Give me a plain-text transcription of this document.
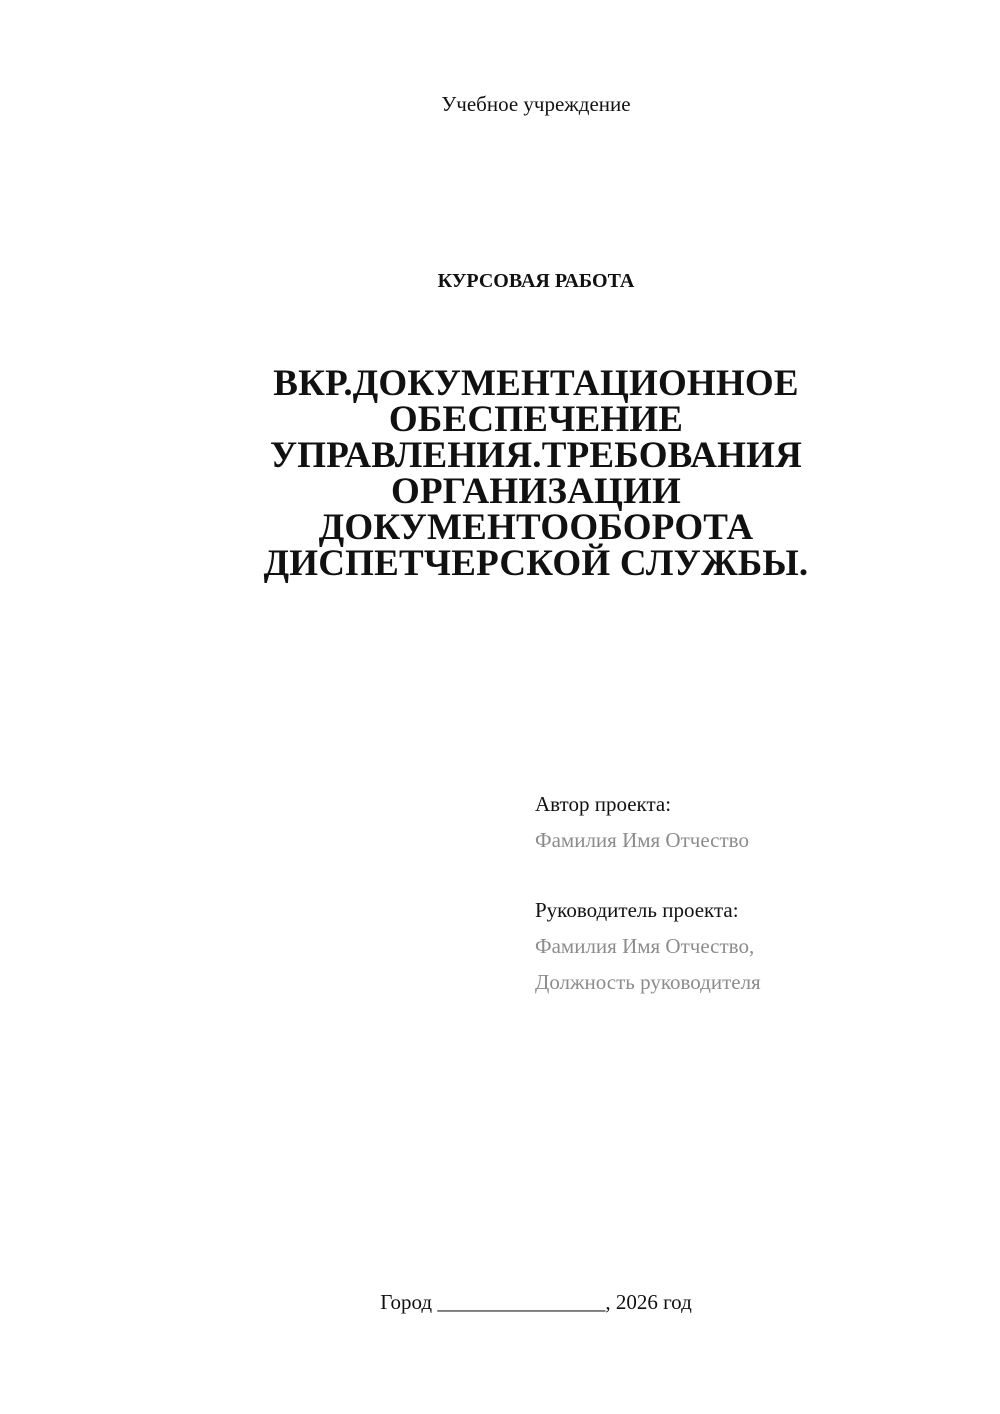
Учебное учреждение
КУРСОВАЯ РАБОТА
ВКР.ДОКУМЕНТАЦИОННОЕ
ОБЕСПЕЧЕНИЕ
УПРАВЛЕНИЯ.ТРЕБОВАНИЯ
ОРГАНИЗАЦИИ
ДОКУМЕНТООБОРОТА
ДИСПЕТЧЕРСКОЙ СЛУЖБЫ.
Автор проекта:
Фамилия Имя Отчество
Руководитель проекта:
Фамилия Имя Отчество,
Должность руководителя
Город ________________, 2026 год
